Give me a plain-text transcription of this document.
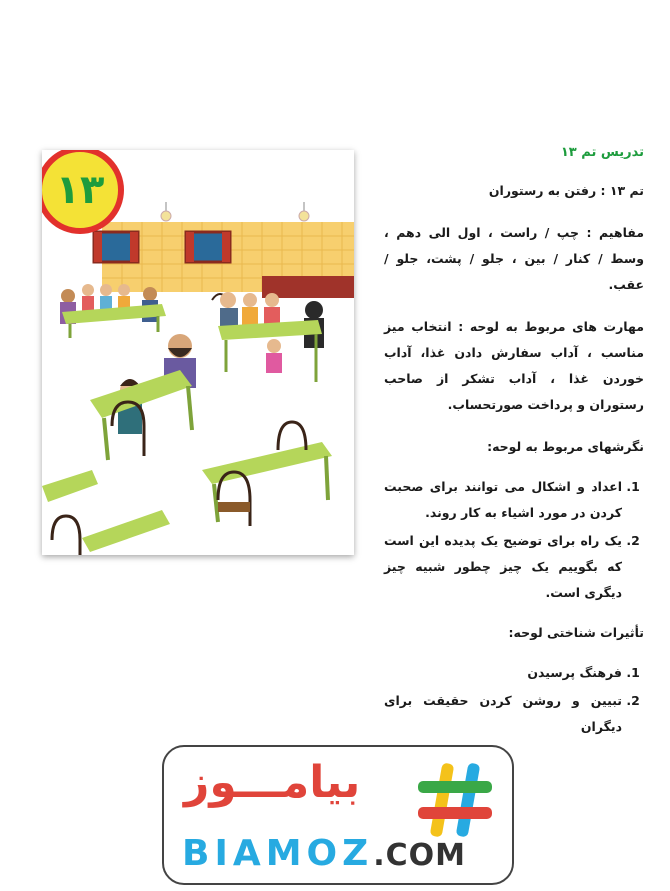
۱۳
تدریس تم ۱۳

تم ۱۳ : رفتن به رستوران

مفاهیم : چپ / راست ، اول الی دهم ، وسط / کنار / بین ، جلو / پشت، جلو / عقب.

مهارت های مربوط به لوحه : انتخاب میز مناسب ، آداب سفارش دادن غذا، آداب خوردن غذا ، آداب تشکر از صاحب رستوران و پرداخت صورتحساب.

نگرشهای مربوط به لوحه:
1. اعداد و اشکال می توانند برای صحبت کردن در مورد اشیاء به کار روند.
2. یک راه برای توضیح یک پدیده این است که بگوییم یک چیز چطور شبیه چیز دیگری است.
تأثیرات شناختی لوحه:
1. فرهنگ پرسیدن
2. تبیین و روشن کردن حقیقت برای دیگران
بیامـــوز
BIAMOZ.COM
